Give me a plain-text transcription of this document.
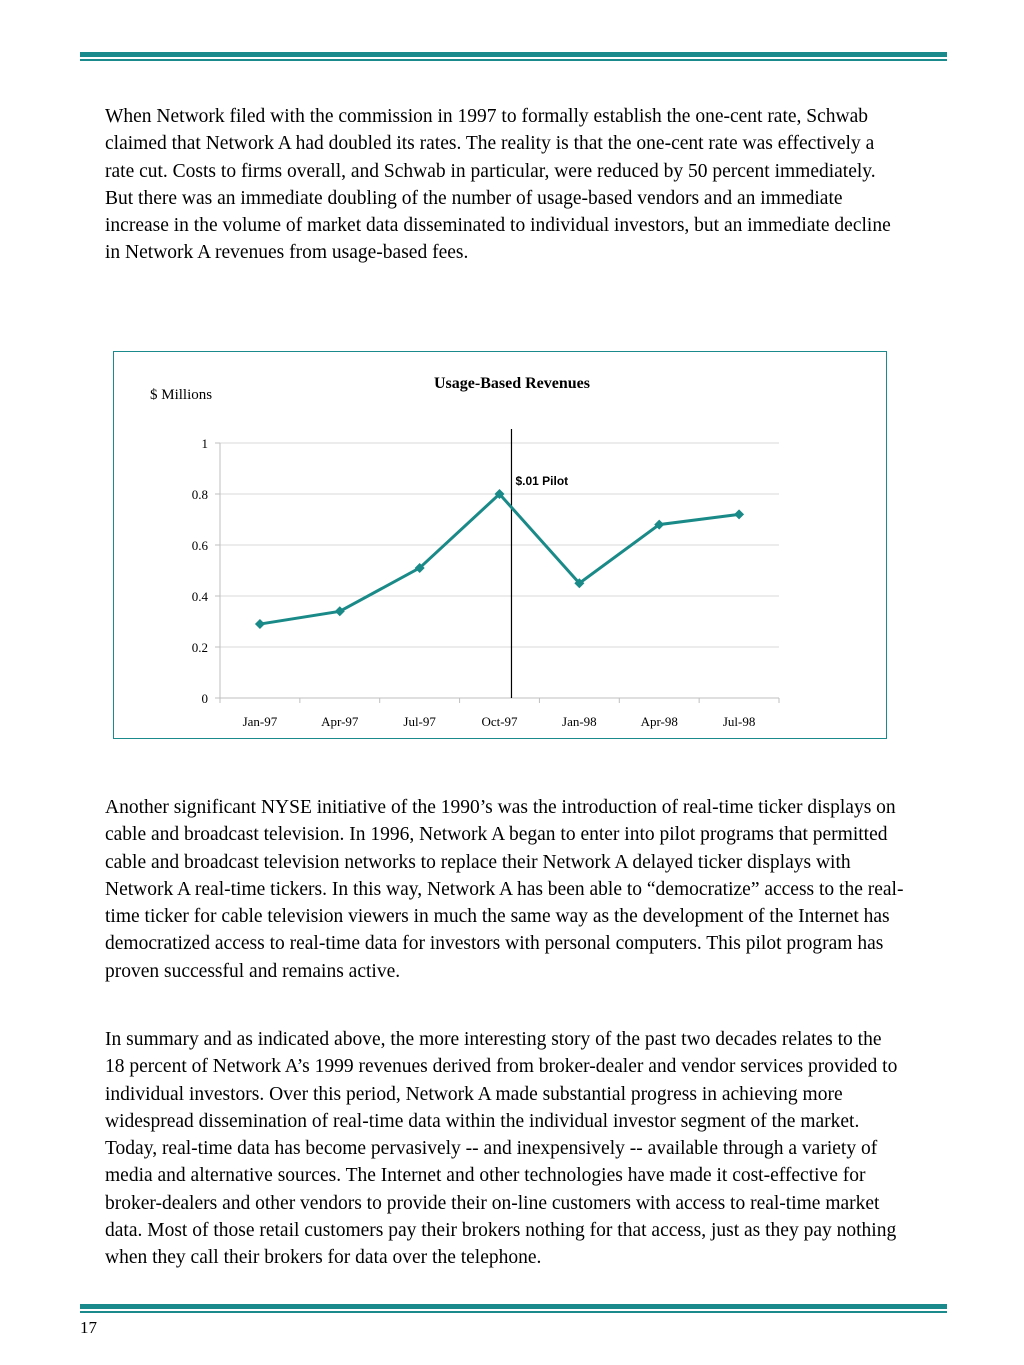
When Network filed with the commission in 1997 to formally establish the one-cent rate, Schwab claimed that Network A had doubled its rates. The reality is that the one-cent rate was effectively a rate cut. Costs to firms overall, and Schwab in particular, were reduced by 50 percent immediately. But there was an immediate doubling of the number of usage-based vendors and an immediate increase in the volume of market data disseminated to individual investors, but an immediate decline in Network A revenues from usage-based fees.

Usage-Based Revenues
$ Millions
0
0.2
0.4
0.6
0.8
1
Jan-97	Apr-97	Jul-97	Oct-97	Jan-98	Apr-98	Jul-98
$.01 Pilot

Another significant NYSE initiative of the 1990’s was the introduction of real-time ticker displays on cable and broadcast television. In 1996, Network A began to enter into pilot programs that permitted cable and broadcast television networks to replace their Network A delayed ticker displays with Network A real-time tickers. In this way, Network A has been able to “democratize” access to the real-time ticker for cable television viewers in much the same way as the development of the Internet has democratized access to real-time data for investors with personal computers. This pilot program has proven successful and remains active.

In summary and as indicated above, the more interesting story of the past two decades relates to the 18 percent of Network A’s 1999 revenues derived from broker-dealer and vendor services provided to individual investors. Over this period, Network A made substantial progress in achieving more widespread dissemination of real-time data within the individual investor segment of the market. Today, real-time data has become pervasively -- and inexpensively -- available through a variety of media and alternative sources. The Internet and other technologies have made it cost-effective for broker-dealers and other vendors to provide their on-line customers with access to real-time market data. Most of those retail customers pay their brokers nothing for that access, just as they pay nothing when they call their brokers for data over the telephone.

17
